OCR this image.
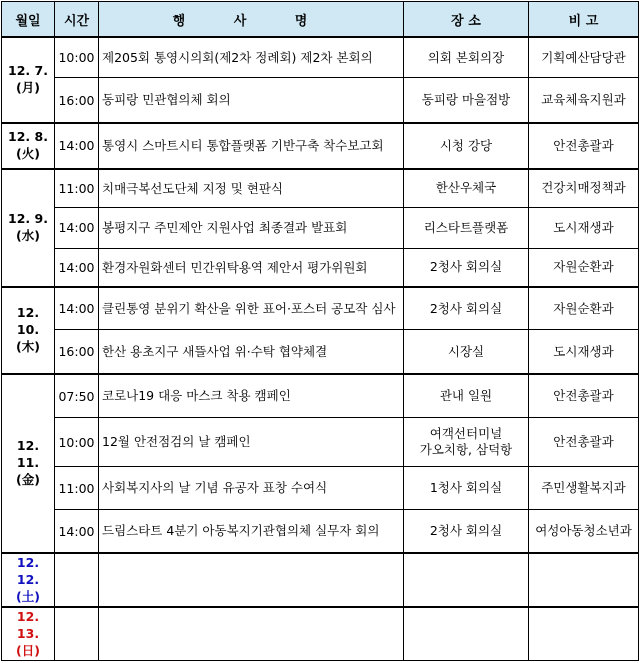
월일	시간	행 사 명	장 소	비 고
12. 7.
(月)	10:00	제205회 통영시의회(제2차 정례회) 제2차 본회의	의회 본회의장	기획예산담당관
	16:00	동피랑 민관협의체 회의	동피랑 마을점방	교육체육지원과
12. 8.
(火)	14:00	통영시 스마트시티 통합플랫폼 기반구축 착수보고회	시청 강당	안전총괄과
12. 9.
(水)	11:00	치매극복선도단체 지정 및 현판식	한산우체국	건강치매정책과
	14:00	봉평지구 주민제안 지원사업 최종결과 발표회	리스타트플랫폼	도시재생과
	14:00	환경자원화센터 민간위탁용역 제안서 평가위원회	2청사 회의실	자원순환과
12. 10.
(木)	14:00	클린통영 분위기 확산을 위한 표어·포스터 공모작 심사	2청사 회의실	자원순환과
	16:00	한산 용초지구 새뜰사업 위·수탁 협약체결	시장실	도시재생과
12. 11.
(金)	07:50	코로나19 대응 마스크 착용 캠페인	관내 일원	안전총괄과
	10:00	12월 안전점검의 날 캠페인	여객선터미널
가오치항, 삼덕항	안전총괄과
	11:00	사회복지사의 날 기념 유공자 표창 수여식	1청사 회의실	주민생활복지과
	14:00	드림스타트 4분기 아동복지기관협의체 실무자 회의	2청사 회의실	여성아동청소년과
12. 12.
(土)				
12. 13.
(日)				
